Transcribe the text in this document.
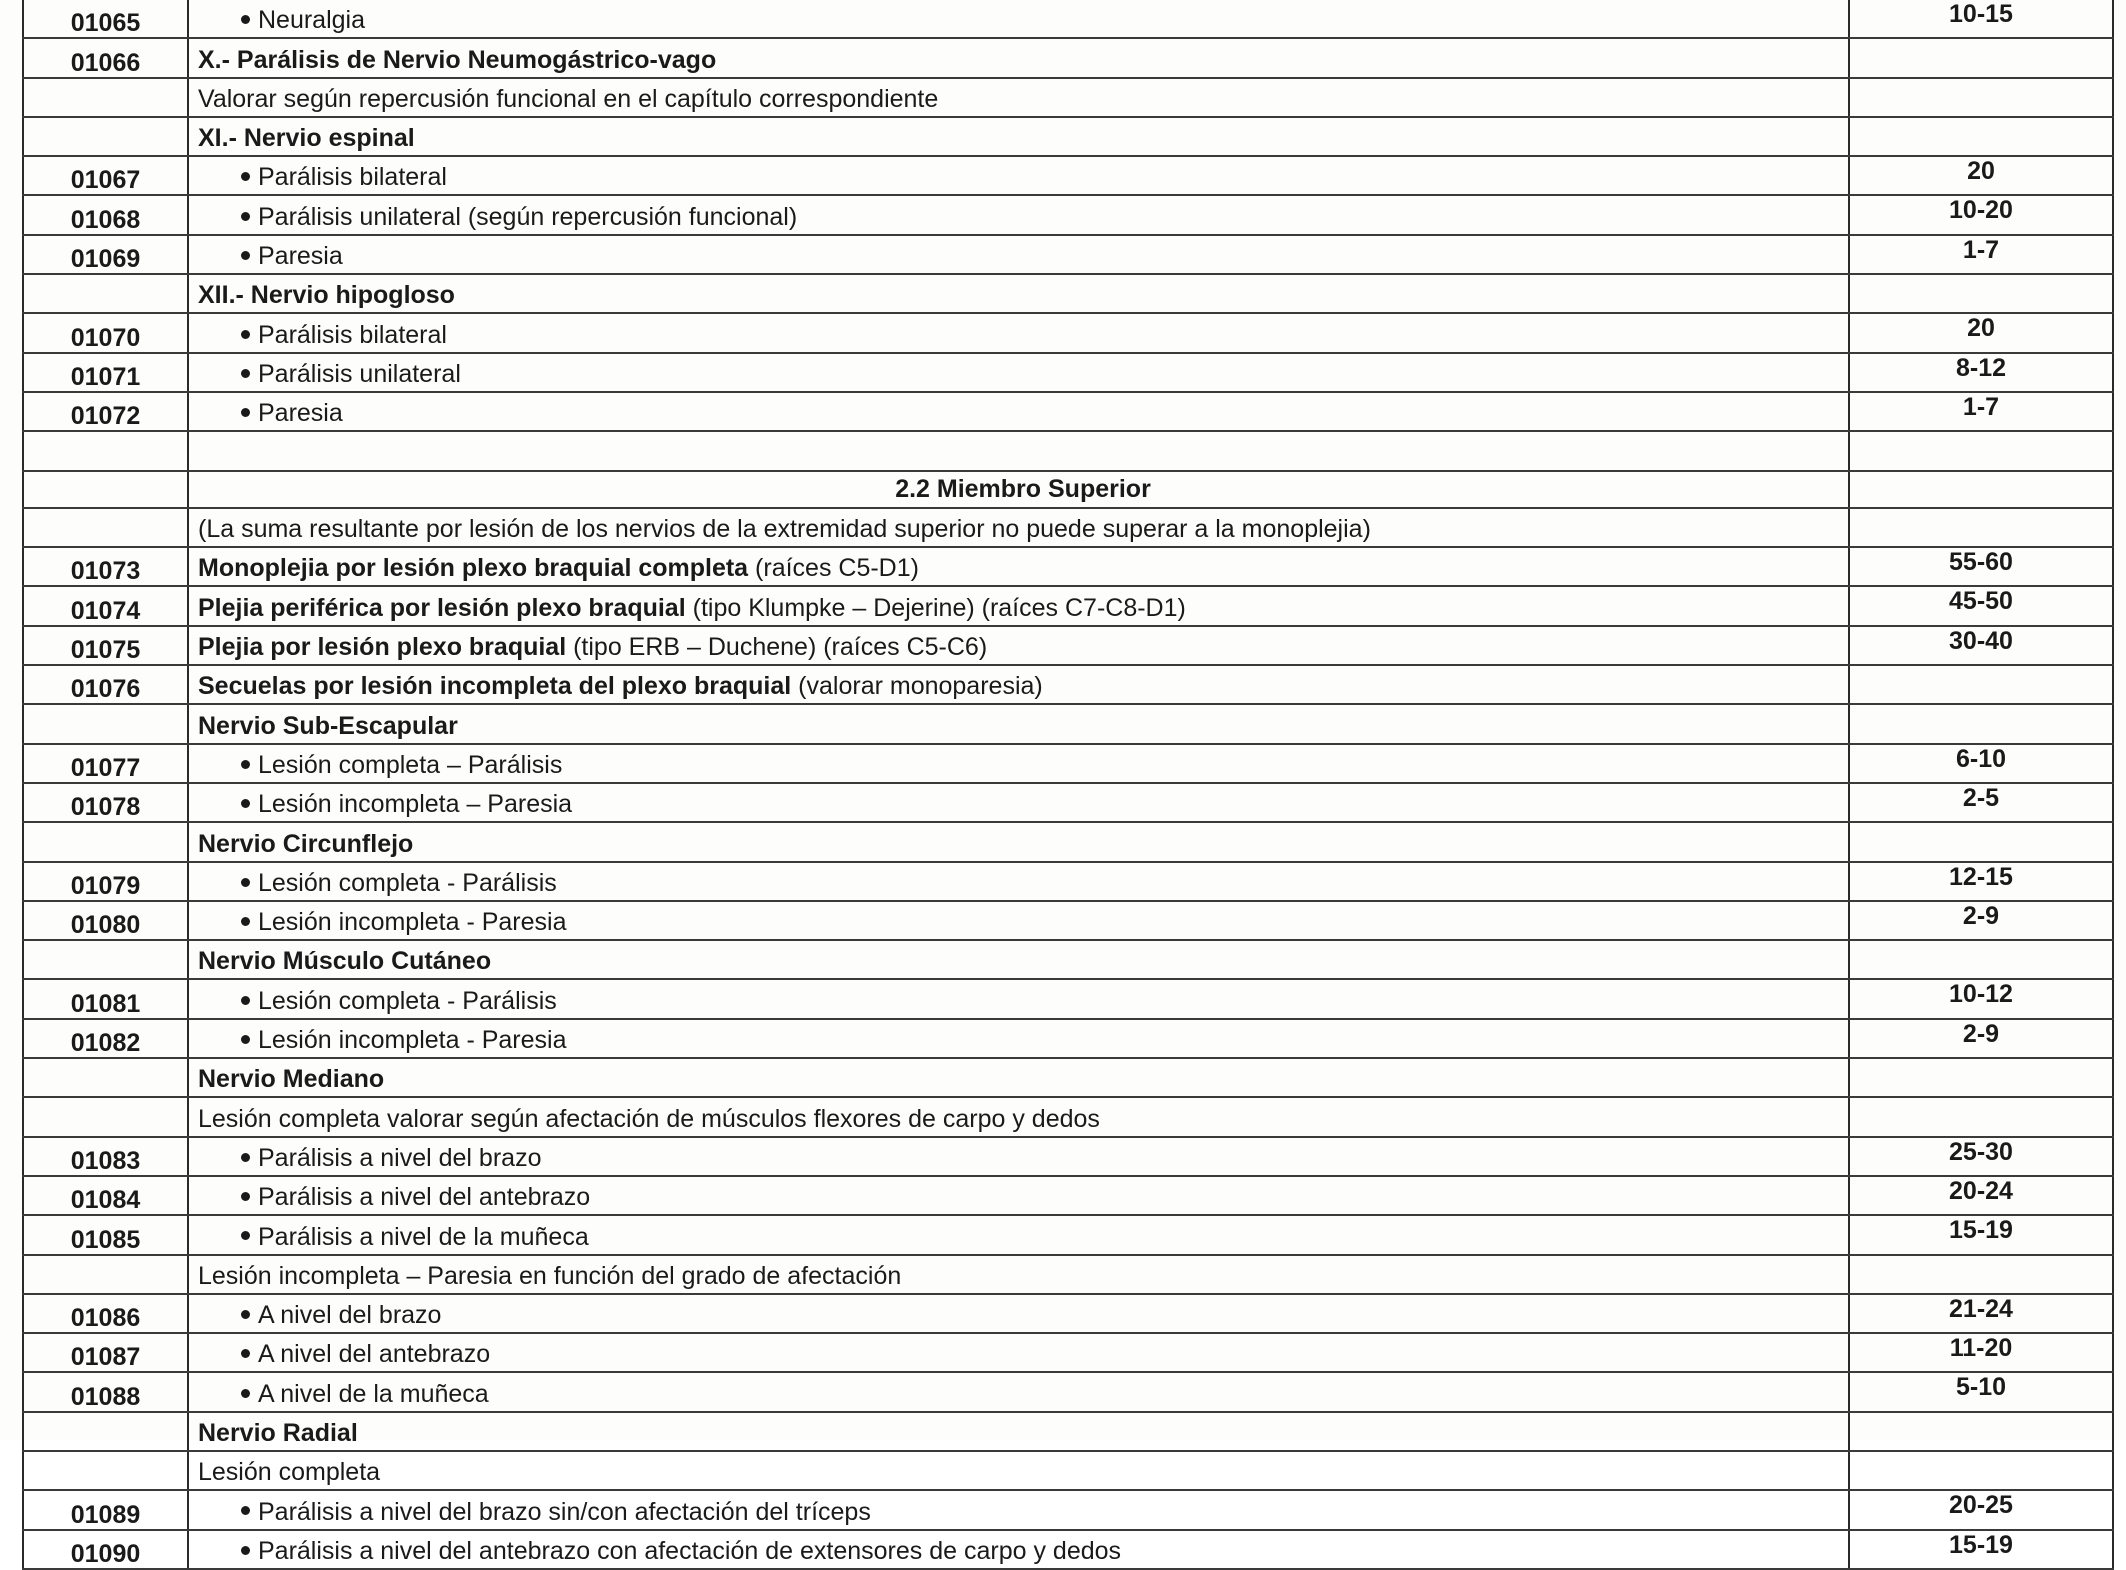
01065	Neuralgia	10-15
01066	X.- Parálisis de Nervio Neumogástrico-vago	
	Valorar según repercusión funcional en el capítulo correspondiente	
	XI.- Nervio espinal	
01067	Parálisis bilateral	20
01068	Parálisis unilateral (según repercusión funcional)	10-20
01069	Paresia	1-7
	XII.- Nervio hipogloso	
01070	Parálisis bilateral	20
01071	Parálisis unilateral	8-12
01072	Paresia	1-7

	2.2 Miembro Superior	
	(La suma resultante por lesión de los nervios de la extremidad superior no puede superar a la monoplejia)	
01073	Monoplejia por lesión plexo braquial completa (raíces C5-D1)	55-60
01074	Plejia periférica por lesión plexo braquial (tipo Klumpke – Dejerine) (raíces C7-C8-D1)	45-50
01075	Plejia por lesión plexo braquial (tipo ERB – Duchene) (raíces C5-C6)	30-40
01076	Secuelas por lesión incompleta del plexo braquial (valorar monoparesia)	
	Nervio Sub-Escapular	
01077	Lesión completa – Parálisis	6-10
01078	Lesión incompleta – Paresia	2-5
	Nervio Circunflejo	
01079	Lesión completa - Parálisis	12-15
01080	Lesión incompleta - Paresia	2-9
	Nervio Músculo Cutáneo	
01081	Lesión completa - Parálisis	10-12
01082	Lesión incompleta - Paresia	2-9
	Nervio Mediano	
	Lesión completa valorar según afectación de músculos flexores de carpo y dedos	
01083	Parálisis a nivel del brazo	25-30
01084	Parálisis a nivel del antebrazo	20-24
01085	Parálisis a nivel de la muñeca	15-19
	Lesión incompleta – Paresia en función del grado de afectación	
01086	A nivel del brazo	21-24
01087	A nivel del antebrazo	11-20
01088	A nivel de la muñeca	5-10
	Nervio Radial	
	Lesión completa	
01089	Parálisis a nivel del brazo sin/con afectación del tríceps	20-25
01090	Parálisis a nivel del antebrazo con afectación de extensores de carpo y dedos	15-19
